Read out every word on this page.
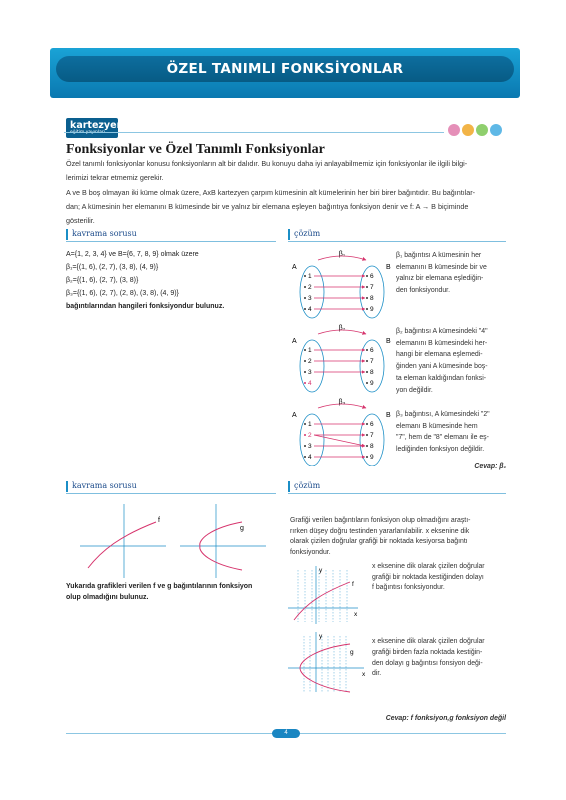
ÖZEL TANIMLI FONKSİYONLAR
kartezyen
Fonksiyonlar ve Özel Tanımlı Fonksiyonlar
Özel tanımlı fonksiyonlar konusu fonksiyonların alt bir dalıdır. Bu konuyu daha iyi anlayabilmemiz için fonksiyonlar ile ilgili bilgi-
lerimizi tekrar etmemiz gerekir.
A ve B boş olmayan iki küme olmak üzere, AxB kartezyen çarpım kümesinin alt kümelerinin her biri birer bağıntıdır. Bu bağıntılar-
dan; A kümesinin her elemanını B kümesinde bir ve yalnız bir elemana eşleyen bağıntıya fonksiyon denir ve f: A → B biçiminde
gösterilir.
kavrama sorusu	çözüm
A={1, 2, 3, 4} ve B={6, 7, 8, 9} olmak üzere
β₁={(1, 6), (2, 7), (3, 8), (4, 9)}
β₂={(1, 6), (2, 7), (3, 8)}
β₃={(1, 6), (2, 7), (2, 8), (3, 8), (4, 9)}
bağıntılarından hangileri fonksiyondur bulunuz.
β₁
A	B
1
2
3
4
6
7
8
9
β₂
A	B
1
2
3
4
6
7
8
9
β₃
A	B
1
2
3
4
6
7
8
9
β₁ bağıntısı A kümesinin her
elemanını B kümesinde bir ve
yalnız bir elemana eşlediğin-
den fonksiyondur.
β₂ bağıntısı A kümesindeki "4"
elemanını B kümesindeki her-
hangi bir elemana eşlemedi-
ğinden yani A kümesinde boş-
ta eleman kaldığından fonksi-
yon değildir.
β₃ bağıntısı, A kümesindeki "2"
elemanı B kümesinde hem
"7", hem de "8" elemanı ile eş-
lediğinden fonksiyon değildir.
Cevap: β₁
kavrama sorusu	çözüm
f
g
Yukarıda grafikleri verilen f ve g bağıntılarının fonksiyon
olup olmadığını bulunuz.
Grafiği verilen bağıntıların fonksiyon olup olmadığını araştı-
rırken düşey doğru testinden yararlanılabilir. x eksenine dik
olarak çizilen doğrular grafiği bir noktada kesiyorsa bağıntı
fonksiyondur.
y
x
f
y
x
g
x eksenine dik olarak çizilen doğrular
grafiği bir noktada kestiğinden dolayı
f bağıntısı fonksiyondur.
x eksenine dik olarak çizilen doğrular
grafiği birden fazla noktada kestiğin-
den dolayı g bağıntısı fonsiyon deği-
dir.
Cevap: f fonksiyon,g fonksiyon değil
4
